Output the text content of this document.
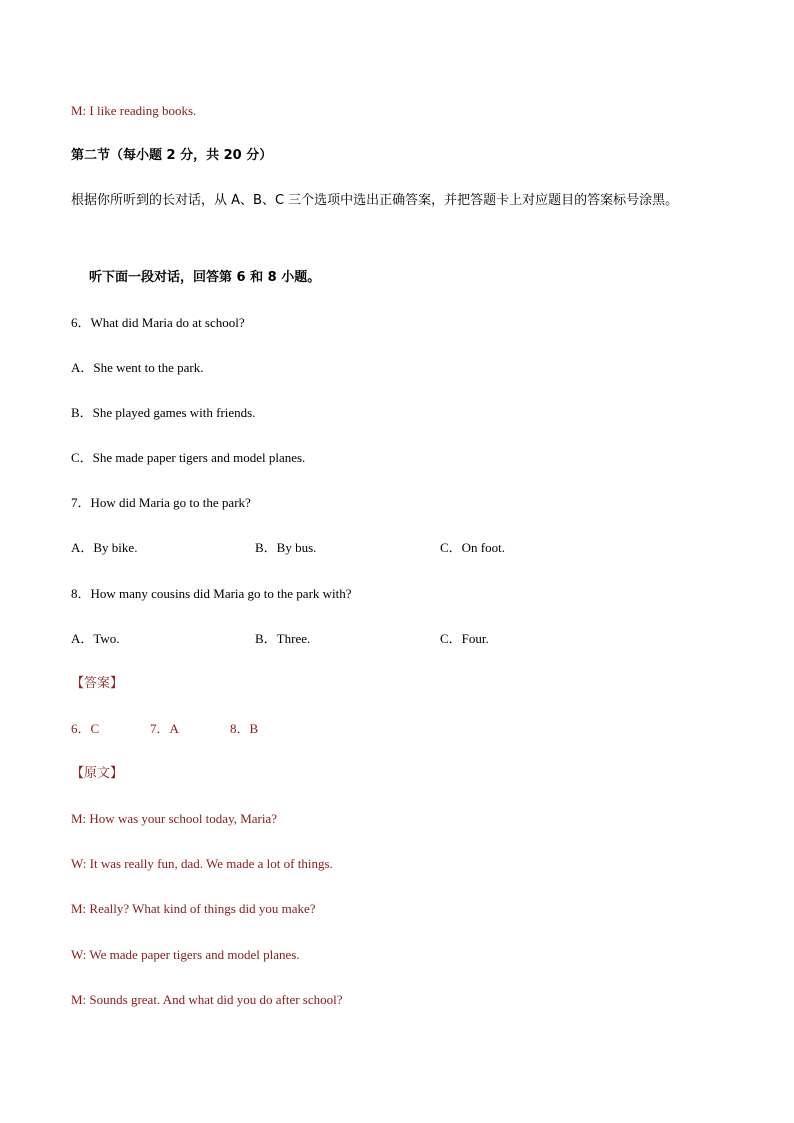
M: I like reading books.
第二节（每小题 2 分，共 20 分）
根据你所听到的长对话，从 A、B、C 三个选项中选出正确答案，并把答题卡上对应题目的答案标号涂黑。
听下面一段对话，回答第 6 和 8 小题。
6．What did Maria do at school?
A．She went to the park.
B．She played games with friends.
C．She made paper tigers and model planes.
7．How did Maria go to the park?
A．By bike.	B．By bus.	C．On foot.
8．How many cousins did Maria go to the park with?
A．Two.	B．Three.	C．Four.
【答案】
6．C	7．A	8．B
【原文】
M: How was your school today, Maria?
W: It was really fun, dad. We made a lot of things.
M: Really? What kind of things did you make?
W: We made paper tigers and model planes.
M: Sounds great. And what did you do after school?
